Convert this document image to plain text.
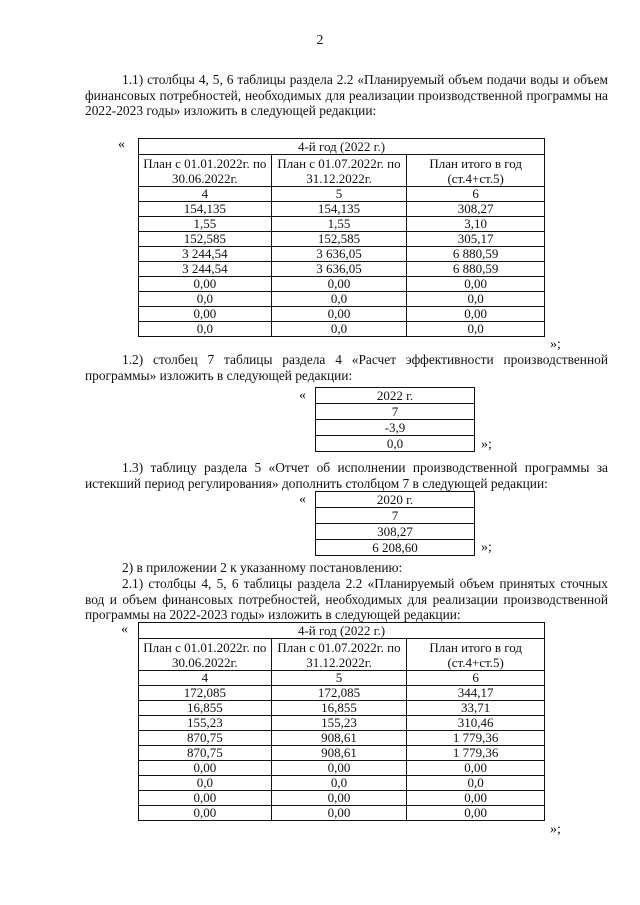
2
1.1) столбцы 4, 5, 6 таблицы раздела 2.2 «Планируемый объем подачи воды и объем финансовых потребностей, необходимых для реализации производственной программы на 2022-2023 годы» изложить в следующей редакции:
«	4-й год (2022 г.)		
План с 01.01.2022г. по 30.06.2022г.	План с 01.07.2022г. по 31.12.2022г.	План итого в год (ст.4+ст.5)
4	5	6
154,135	154,135	308,27
1,55	1,55	3,10
152,585	152,585	305,17
3 244,54	3 636,05	6 880,59
3 244,54	3 636,05	6 880,59
0,00	0,00	0,00
0,0	0,0	0,0
0,00	0,00	0,00
0,0	0,0	0,0
»;
1.2) столбец 7 таблицы раздела 4 «Расчет эффективности производственной программы» изложить в следующей редакции:
«	2022 г.
7
-3,9
0,0	»;
1.3) таблицу раздела 5 «Отчет об исполнении производственной программы за истекший период регулирования» дополнить столбцом 7 в следующей редакции:
«	2020 г.
7
308,27
6 208,60	»;
2) в приложении 2 к указанному постановлению:
2.1) столбцы 4, 5, 6 таблицы раздела 2.2 «Планируемый объем принятых сточных вод и объем финансовых потребностей, необходимых для реализации производственной программы на 2022-2023 годы» изложить в следующей редакции:
«	4-й год (2022 г.)		
План с 01.01.2022г. по 30.06.2022г.	План с 01.07.2022г. по 31.12.2022г.	План итого в год (ст.4+ст.5)
4	5	6
172,085	172,085	344,17
16,855	16,855	33,71
155,23	155,23	310,46
870,75	908,61	1 779,36
870,75	908,61	1 779,36
0,00	0,00	0,00
0,0	0,0	0,0
0,00	0,00	0,00
0,00	0,00	0,00
»;
